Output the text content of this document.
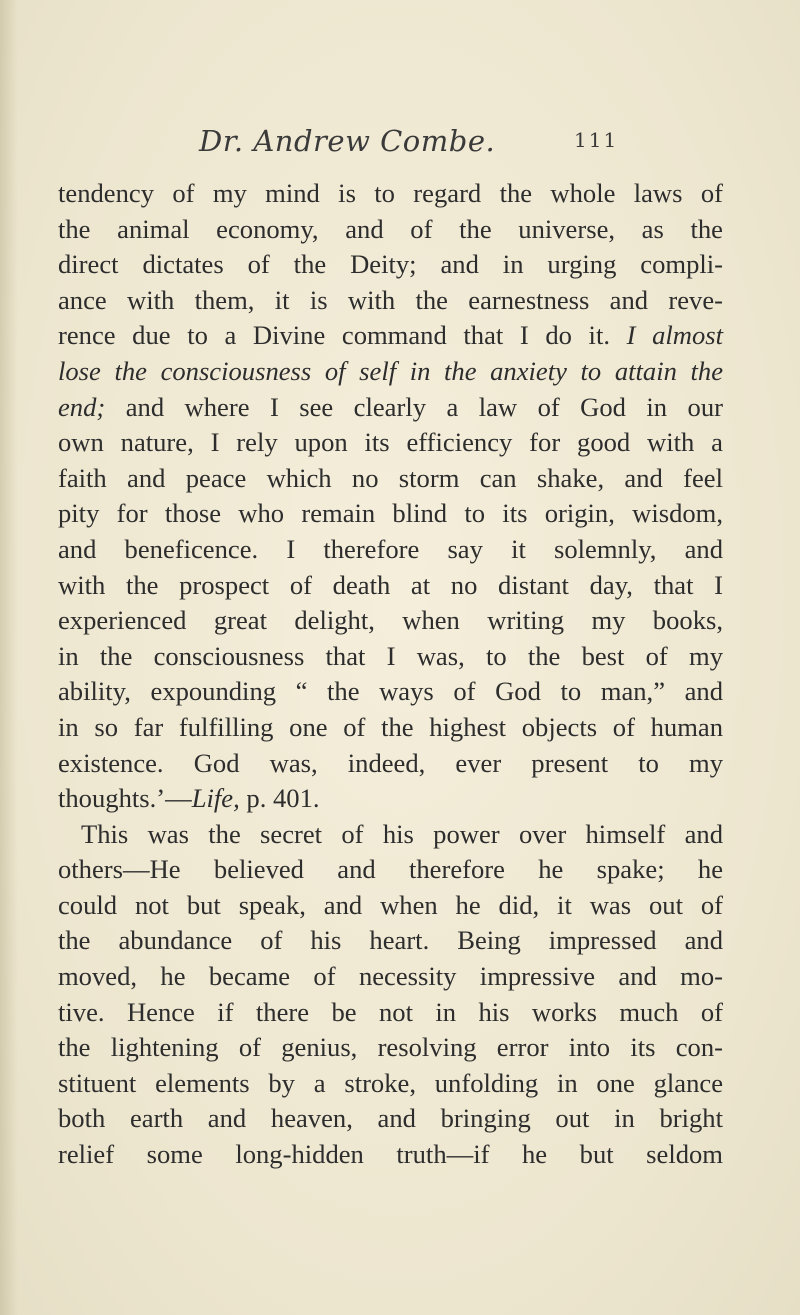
Dr. Andrew Combe.	111
tendency of my mind is to regard the whole laws of
the animal economy, and of the universe, as the
direct dictates of the Deity; and in urging compli-
ance with them, it is with the earnestness and reve-
rence due to a Divine command that I do it. I almost
lose the consciousness of self in the anxiety to attain the
end; and where I see clearly a law of God in our
own nature, I rely upon its efficiency for good with a
faith and peace which no storm can shake, and feel
pity for those who remain blind to its origin, wisdom,
and beneficence. I therefore say it solemnly, and
with the prospect of death at no distant day, that I
experienced great delight, when writing my books,
in the consciousness that I was, to the best of my
ability, expounding “ the ways of God to man,” and
in so far fulfilling one of the highest objects of human
existence. God was, indeed, ever present to my
thoughts.’—Life, p. 401.
This was the secret of his power over himself and
others—He believed and therefore he spake; he
could not but speak, and when he did, it was out of
the abundance of his heart. Being impressed and
moved, he became of necessity impressive and mo-
tive. Hence if there be not in his works much of
the lightening of genius, resolving error into its con-
stituent elements by a stroke, unfolding in one glance
both earth and heaven, and bringing out in bright
relief some long-hidden truth—if he but seldom
